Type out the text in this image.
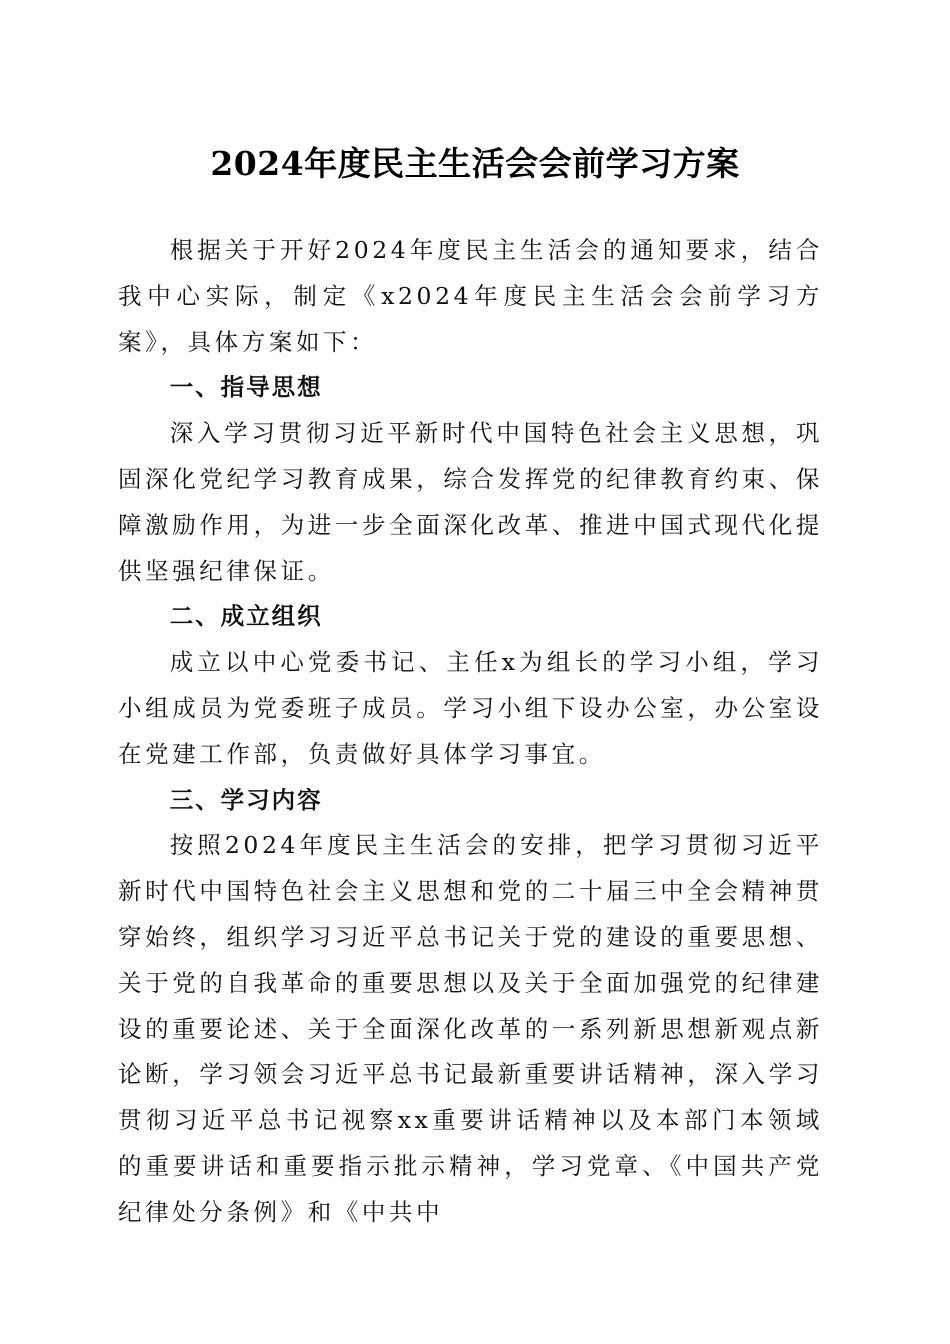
2024年度民主生活会会前学习方案

根据关于开好2024年度民主生活会的通知要求，结合我中心实际，制定《x2024年度民主生活会会前学习方案》，具体方案如下：

一、指导思想

深入学习贯彻习近平新时代中国特色社会主义思想，巩固深化党纪学习教育成果，综合发挥党的纪律教育约束、保障激励作用，为进一步全面深化改革、推进中国式现代化提供坚强纪律保证。

二、成立组织

成立以中心党委书记、主任x为组长的学习小组，学习小组成员为党委班子成员。学习小组下设办公室，办公室设在党建工作部，负责做好具体学习事宜。

三、学习内容

按照2024年度民主生活会的安排，把学习贯彻习近平新时代中国特色社会主义思想和党的二十届三中全会精神贯穿始终，组织学习习近平总书记关于党的建设的重要思想、关于党的自我革命的重要思想以及关于全面加强党的纪律建设的重要论述、关于全面深化改革的一系列新思想新观点新论断，学习领会习近平总书记最新重要讲话精神，深入学习贯彻习近平总书记视察xx重要讲话精神以及本部门本领域的重要讲话和重要指示批示精神，学习党章、《中国共产党纪律处分条例》和《中共中
